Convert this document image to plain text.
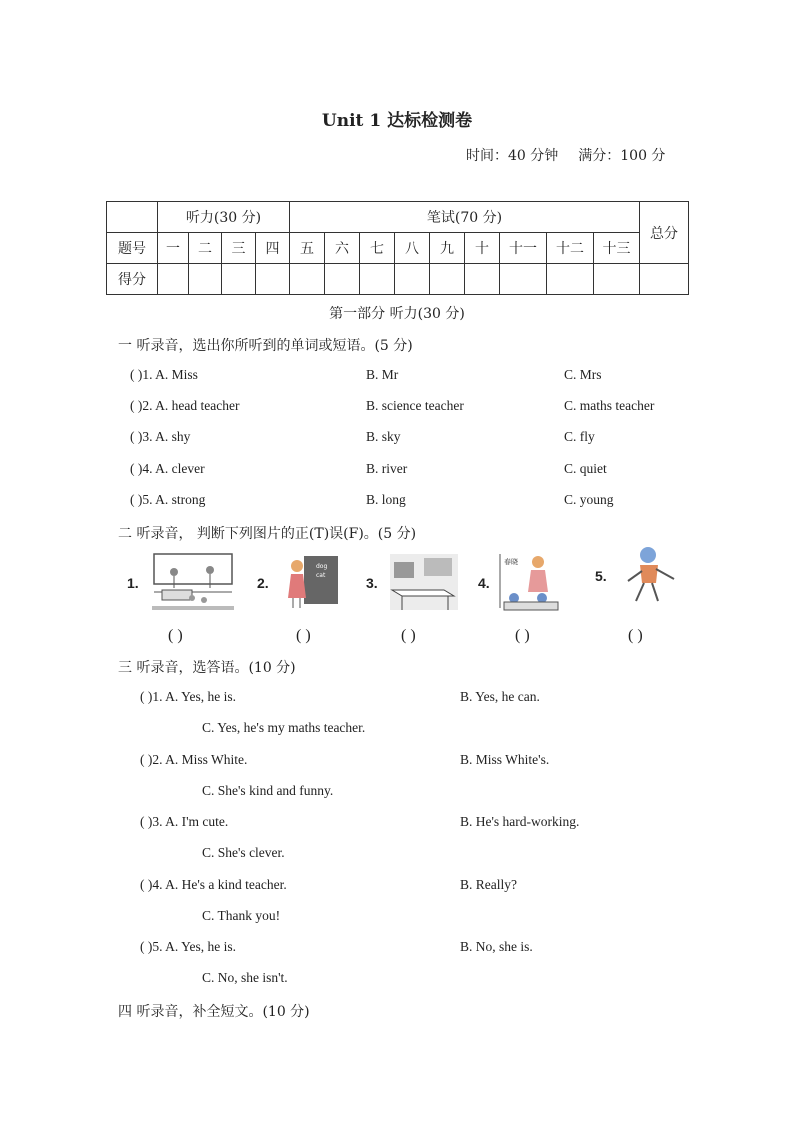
Unit 1 达标检测卷
时间：40 分钟 满分：100 分
	听力(30 分)				笔试(70 分)									总分
题号	一	二	三	四	五	六	七	八	九	十	十一	十二	十三	
得分														
第一部分 听力(30 分)
一 听录音，选出你所听到的单词或短语。(5 分)
( )1. A. Miss	B. Mr	C. Mrs
( )2. A. head teacher	B. science teacher	C. maths teacher
( )3. A. shy	B. sky	C. fly
( )4. A. clever	B. river	C. quiet
( )5. A. strong	B. long	C. young
二 听录音， 判断下列图片的正(T)误(F)。(5 分)
1.
( )
2.
dog
cat
( )
3.
( )
4.
春晓
( )
5.
( )
三 听录音，选答语。(10 分)
( )1. A. Yes, he is.	B. Yes, he can.
C. Yes, he's my maths teacher.
( )2. A. Miss White.	B. Miss White's.
C. She's kind and funny.
( )3. A. I'm cute.	B. He's hard-working.
C. She's clever.
( )4. A. He's a kind teacher.	B. Really?
C. Thank you!
( )5. A. Yes, he is.	B. No, she is.
C. No, she isn't.
四 听录音，补全短文。(10 分)
